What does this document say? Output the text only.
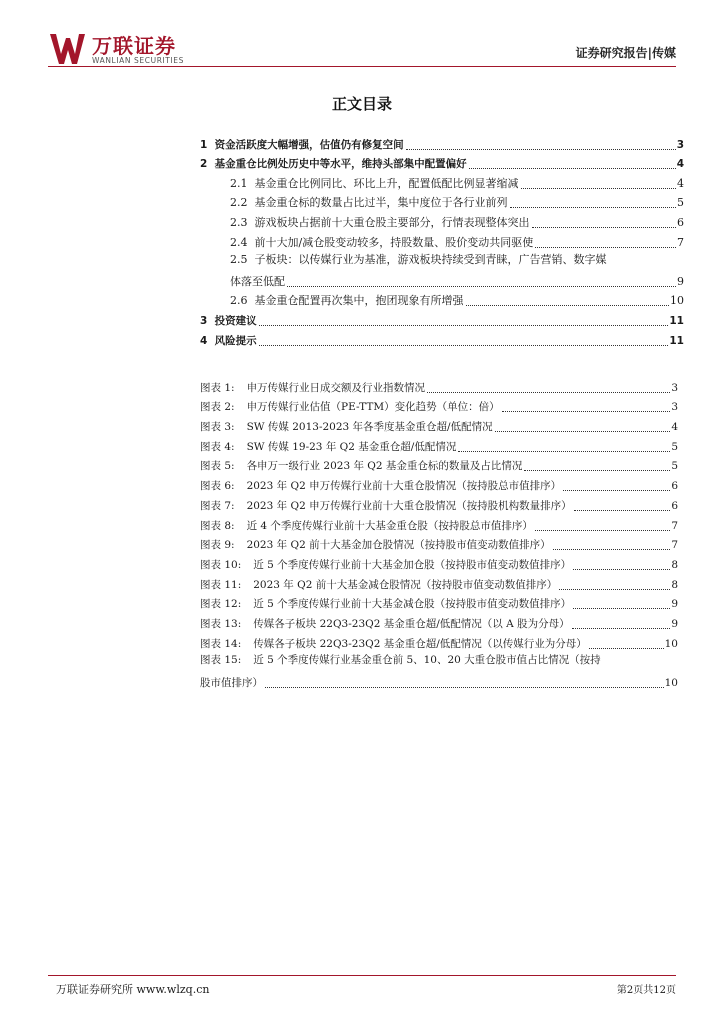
万联证券
WANLIAN SECURITIES
证券研究报告|传媒
正文目录
1 资金活跃度大幅增强，估值仍有修复空间	3
2 基金重仓比例处历史中等水平，维持头部集中配置偏好	4
2.1 基金重仓比例同比、环比上升，配置低配比例显著缩减	4
2.2 基金重仓标的数量占比过半，集中度位于各行业前列	5
2.3 游戏板块占据前十大重仓股主要部分，行情表现整体突出	6
2.4 前十大加/减仓股变动较多，持股数量、股价变动共同驱使	7
2.5 子板块：以传媒行业为基准，游戏板块持续受到青睐，广告营销、数字媒
体落至低配	9
2.6 基金重仓配置再次集中，抱团现象有所增强	10
3 投资建议	11
4 风险提示	11
图表 1: 申万传媒行业日成交额及行业指数情况	3
图表 2: 申万传媒行业估值（PE-TTM）变化趋势（单位：倍）	3
图表 3: SW 传媒 2013-2023 年各季度基金重仓超/低配情况	4
图表 4: SW 传媒 19-23 年 Q2 基金重仓超/低配情况	5
图表 5: 各申万一级行业 2023 年 Q2 基金重仓标的数量及占比情况	5
图表 6: 2023 年 Q2 申万传媒行业前十大重仓股情况（按持股总市值排序）	6
图表 7: 2023 年 Q2 申万传媒行业前十大重仓股情况（按持股机构数量排序）	6
图表 8: 近 4 个季度传媒行业前十大基金重仓股（按持股总市值排序）	7
图表 9: 2023 年 Q2 前十大基金加仓股情况（按持股市值变动数值排序）	7
图表 10: 近 5 个季度传媒行业前十大基金加仓股（按持股市值变动数值排序）	8
图表 11: 2023 年 Q2 前十大基金减仓股情况（按持股市值变动数值排序）	8
图表 12: 近 5 个季度传媒行业前十大基金减仓股（按持股市值变动数值排序）	9
图表 13: 传媒各子板块 22Q3-23Q2 基金重仓超/低配情况（以 A 股为分母）	9
图表 14: 传媒各子板块 22Q3-23Q2 基金重仓超/低配情况（以传媒行业为分母）	10
图表 15: 近 5 个季度传媒行业基金重仓前 5、10、20 大重仓股市值占比情况（按持
股市值排序）	10
万联证券研究所 www.wlzq.cn	第2页共12页
